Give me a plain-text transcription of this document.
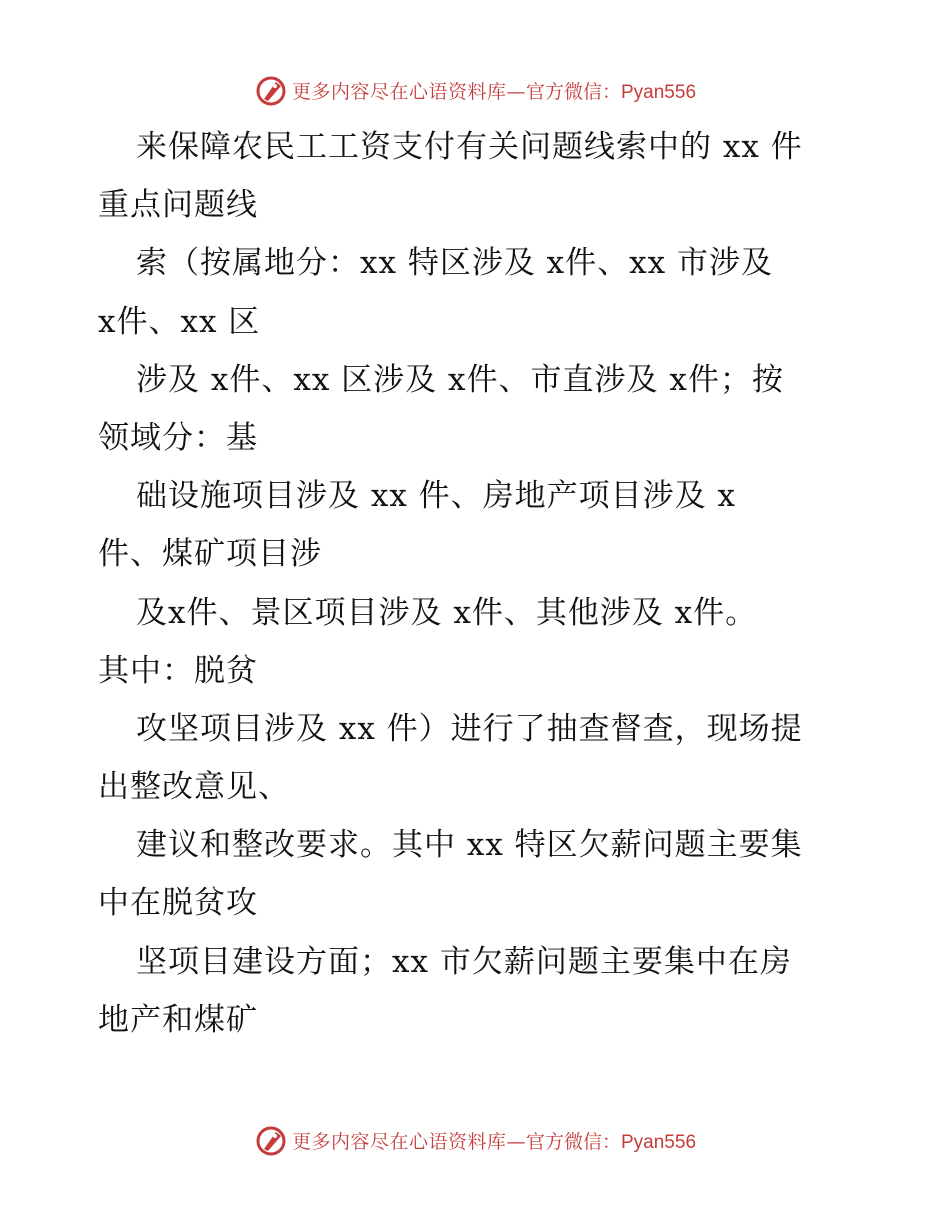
更多内容尽在心语资料库— 官方微信：Pyan556
来保障农民工工资支付有关问题线索中的 xx 件
重点问题线
索（按属地分：xx 特区涉及 x件、xx 市涉及
x件、xx 区
涉及 x件、xx 区涉及 x件、市直涉及 x件；按
领域分：基
础设施项目涉及 xx 件、房地产项目涉及 x
件、煤矿项目涉
及x件、景区项目涉及 x件、其他涉及 x件。
其中：脱贫
攻坚项目涉及 xx 件）进行了抽查督查，现场提
出整改意见、
建议和整改要求。其中 xx 特区欠薪问题主要集
中在脱贫攻
坚项目建设方面；xx 市欠薪问题主要集中在房
地产和煤矿
更多内容尽在心语资料库— 官方微信：Pyan556
